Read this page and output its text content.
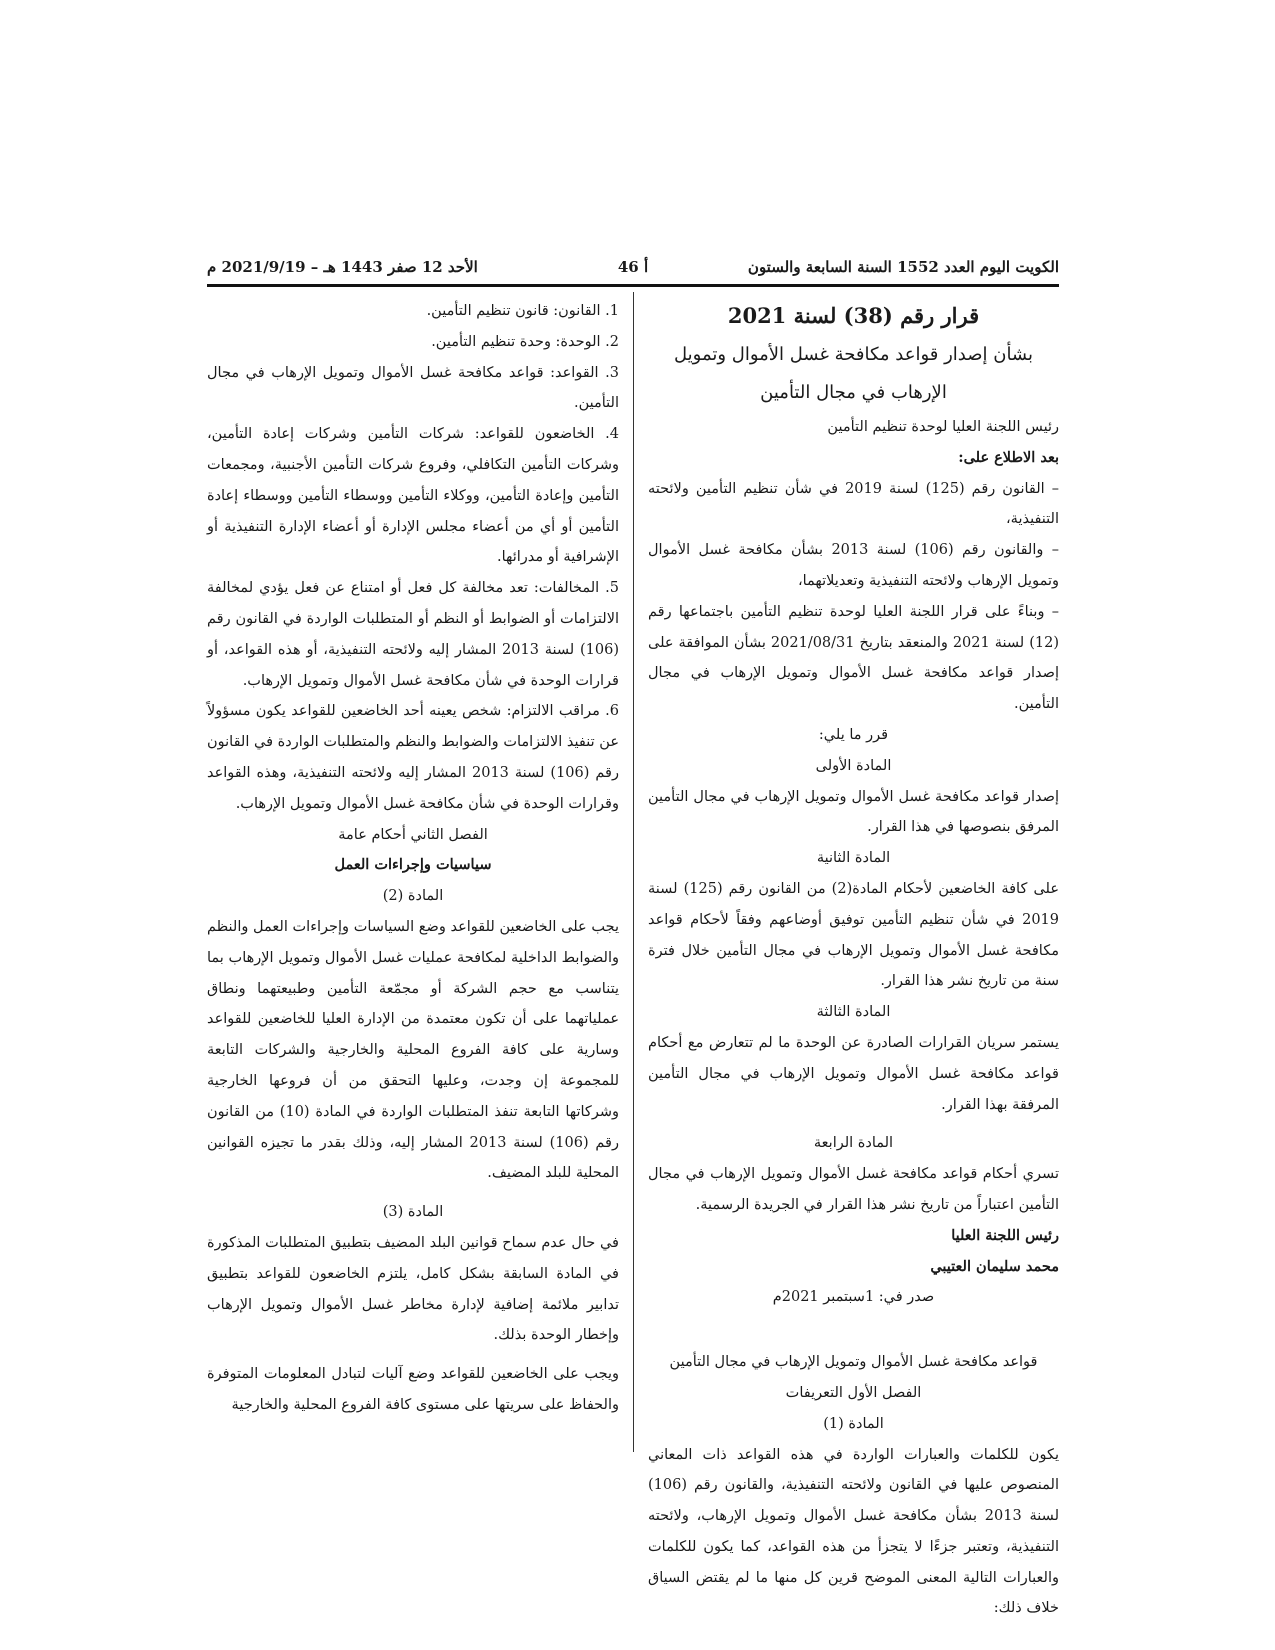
الكويت اليوم العدد 1552 السنة السابعة والستون
أ 46
الأحد 12 صفر 1443 هـ – 2021/9/19 م

قرار رقم (38) لسنة 2021

بشأن إصدار قواعد مكافحة غسل الأموال وتمويل

الإرهاب في مجال التأمين

رئيس اللجنة العليا لوحدة تنظيم التأمين

بعد الاطلاع على:

– القانون رقم (125) لسنة 2019 في شأن تنظيم التأمين ولائحته التنفيذية،

– والقانون رقم (106) لسنة 2013 بشأن مكافحة غسل الأموال وتمويل الإرهاب ولائحته التنفيذية وتعديلاتهما،

– وبناءً على قرار اللجنة العليا لوحدة تنظيم التأمين باجتماعها رقم (12) لسنة 2021 والمنعقد بتاريخ 2021/08/31 بشأن الموافقة على إصدار قواعد مكافحة غسل الأموال وتمويل الإرهاب في مجال التأمين.

قرر ما يلي:

المادة الأولى

إصدار قواعد مكافحة غسل الأموال وتمويل الإرهاب في مجال التأمين المرفق بنصوصها في هذا القرار.

المادة الثانية

على كافة الخاضعين لأحكام المادة(2) من القانون رقم (125) لسنة 2019 في شأن تنظيم التأمين توفيق أوضاعهم وفقاً لأحكام قواعد مكافحة غسل الأموال وتمويل الإرهاب في مجال التأمين خلال فترة سنة من تاريخ نشر هذا القرار.

المادة الثالثة

يستمر سريان القرارات الصادرة عن الوحدة ما لم تتعارض مع أحكام قواعد مكافحة غسل الأموال وتمويل الإرهاب في مجال التأمين المرفقة بهذا القرار.

المادة الرابعة

تسري أحكام قواعد مكافحة غسل الأموال وتمويل الإرهاب في مجال التأمين اعتباراً من تاريخ نشر هذا القرار في الجريدة الرسمية.

رئيس اللجنة العليا

محمد سليمان العتيبي

صدر في: 1سبتمبر 2021م

قواعد مكافحة غسل الأموال وتمويل الإرهاب في مجال التأمين

الفصل الأول التعريفات

المادة (1)

يكون للكلمات والعبارات الواردة في هذه القواعد ذات المعاني المنصوص عليها في القانون ولائحته التنفيذية، والقانون رقم (106) لسنة 2013 بشأن مكافحة غسل الأموال وتمويل الإرهاب، ولائحته التنفيذية، وتعتبر جزءًا لا يتجزأ من هذه القواعد، كما يكون للكلمات والعبارات التالية المعنى الموضح قرين كل منها ما لم يقتض السياق خلاف ذلك:

1. القانون: قانون تنظيم التأمين.

2. الوحدة: وحدة تنظيم التأمين.

3. القواعد: قواعد مكافحة غسل الأموال وتمويل الإرهاب في مجال التأمين.

4. الخاضعون للقواعد: شركات التأمين وشركات إعادة التأمين، وشركات التأمين التكافلي، وفروع شركات التأمين الأجنبية، ومجمعات التأمين وإعادة التأمين، ووكلاء التأمين ووسطاء التأمين ووسطاء إعادة التأمين أو أي من أعضاء مجلس الإدارة أو أعضاء الإدارة التنفيذية أو الإشرافية أو مدرائها.

5. المخالفات: تعد مخالفة كل فعل أو امتناع عن فعل يؤدي لمخالفة الالتزامات أو الضوابط أو النظم أو المتطلبات الواردة في القانون رقم (106) لسنة 2013 المشار إليه ولائحته التنفيذية، أو هذه القواعد، أو قرارات الوحدة في شأن مكافحة غسل الأموال وتمويل الإرهاب.

6. مراقب الالتزام: شخص يعينه أحد الخاضعين للقواعد يكون مسؤولاً عن تنفيذ الالتزامات والضوابط والنظم والمتطلبات الواردة في القانون رقم (106) لسنة 2013 المشار إليه ولائحته التنفيذية، وهذه القواعد وقرارات الوحدة في شأن مكافحة غسل الأموال وتمويل الإرهاب.

الفصل الثاني أحكام عامة

سياسيات وإجراءات العمل

المادة (2)

يجب على الخاضعين للقواعد وضع السياسات وإجراءات العمل والنظم والضوابط الداخلية لمكافحة عمليات غسل الأموال وتمويل الإرهاب بما يتناسب مع حجم الشركة أو مجمّعة التأمين وطبيعتهما ونطاق عملياتهما على أن تكون معتمدة من الإدارة العليا للخاضعين للقواعد وسارية على كافة الفروع المحلية والخارجية والشركات التابعة للمجموعة إن وجدت، وعليها التحقق من أن فروعها الخارجية وشركاتها التابعة تنفذ المتطلبات الواردة في المادة (10) من القانون رقم (106) لسنة 2013 المشار إليه، وذلك بقدر ما تجيزه القوانين المحلية للبلد المضيف.

المادة (3)

في حال عدم سماح قوانين البلد المضيف بتطبيق المتطلبات المذكورة في المادة السابقة بشكل كامل، يلتزم الخاضعون للقواعد بتطبيق تدابير ملائمة إضافية لإدارة مخاطر غسل الأموال وتمويل الإرهاب وإخطار الوحدة بذلك.

ويجب على الخاضعين للقواعد وضع آليات لتبادل المعلومات المتوفرة والحفاظ على سريتها على مستوى كافة الفروع المحلية والخارجية
